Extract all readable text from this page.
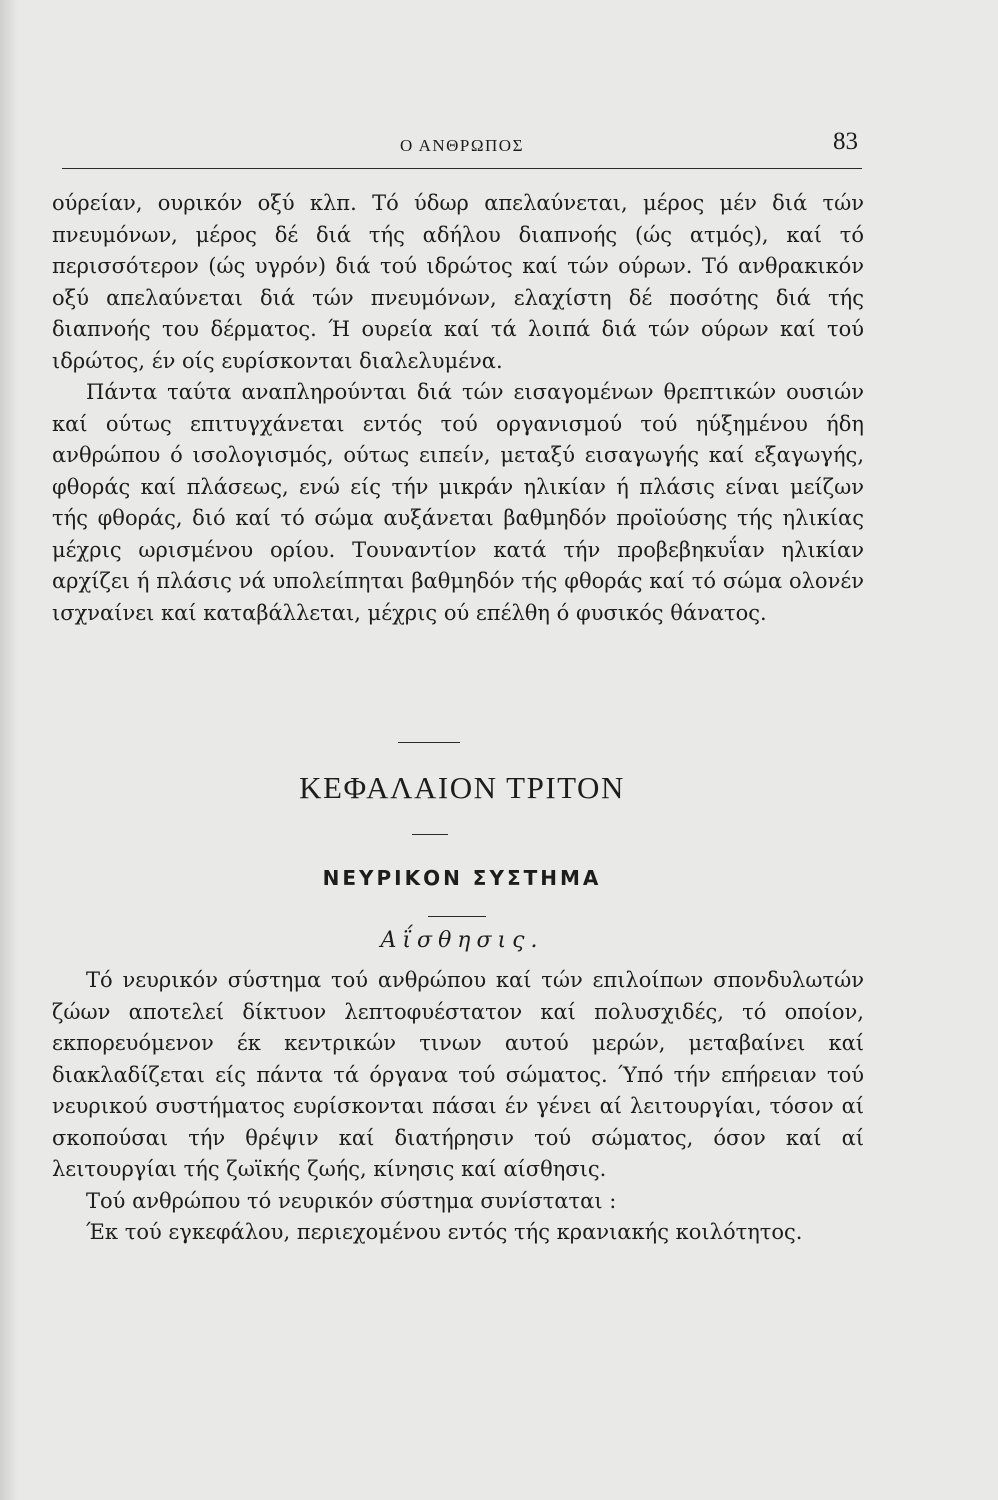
Ο ΑΝΘΡΩΠΟΣ	83

ούρείαν, ουρικόν οξύ κλπ. Τό ύδωρ απελαύνεται, μέρος μέν διά τών πνευμόνων, μέρος δέ διά τής αδήλου διαπνοής (ώς ατμός), καί τό περισσότερον (ώς υγρόν) διά τού ιδρώτος καί τών ούρων. Τό ανθρακικόν οξύ απελαύνεται διά τών πνευμόνων, ελαχίστη δέ ποσότης διά τής διαπνοής του δέρματος. Ή ουρεία καί τά λοιπά διά τών ούρων καί τού ιδρώτος, έν οίς ευρίσκονται διαλελυμένα.

Πάντα ταύτα αναπληρούνται διά τών εισαγομένων θρεπτικών ουσιών καί ούτως επιτυγχάνεται εντός τού οργανισμού τού ηύξημένου ήδη ανθρώπου ό ισολογισμός, ούτως ειπείν, μεταξύ εισαγωγής καί εξαγωγής, φθοράς καί πλάσεως, ενώ είς τήν μικράν ηλικίαν ή πλάσις είναι μείζων τής φθοράς, διό καί τό σώμα αυξάνεται βαθμηδόν προϊούσης τής ηλικίας μέχρις ωρισμένου ορίου. Τουναντίον κατά τήν προβεβηκυΐαν ηλικίαν αρχίζει ή πλάσις νά υπολείπηται βαθμηδόν τής φθοράς καί τό σώμα ολονέν ισχναίνει καί καταβάλλεται, μέχρις ού επέλθη ό φυσικός θάνατος.

ΚΕΦΑΛΑΙΟΝ ΤΡΙΤΟΝ
ΝΕΥΡΙΚΟΝ ΣΥΣΤΗΜΑ
Αΐσθησις.

Τό νευρικόν σύστημα τού ανθρώπου καί τών επιλοίπων σπονδυλωτών ζώων αποτελεί δίκτυον λεπτοφυέστατον καί πολυσχιδές, τό οποίον, εκπορευόμενον έκ κεντρικών τινων αυτού μερών, μεταβαίνει καί διακλαδίζεται είς πάντα τά όργανα τού σώματος. Ύπό τήν επήρειαν τού νευρικού συστήματος ευρίσκονται πάσαι έν γένει αί λειτουργίαι, τόσον αί σκοπούσαι τήν θρέψιν καί διατήρησιν τού σώματος, όσον καί αί λειτουργίαι τής ζωϊκής ζωής, κίνησις καί αίσθησις.

Τού ανθρώπου τό νευρικόν σύστημα συνίσταται :

Έκ τού εγκεφάλου, περιεχομένου εντός τής κρανιακής κοιλότητος.
